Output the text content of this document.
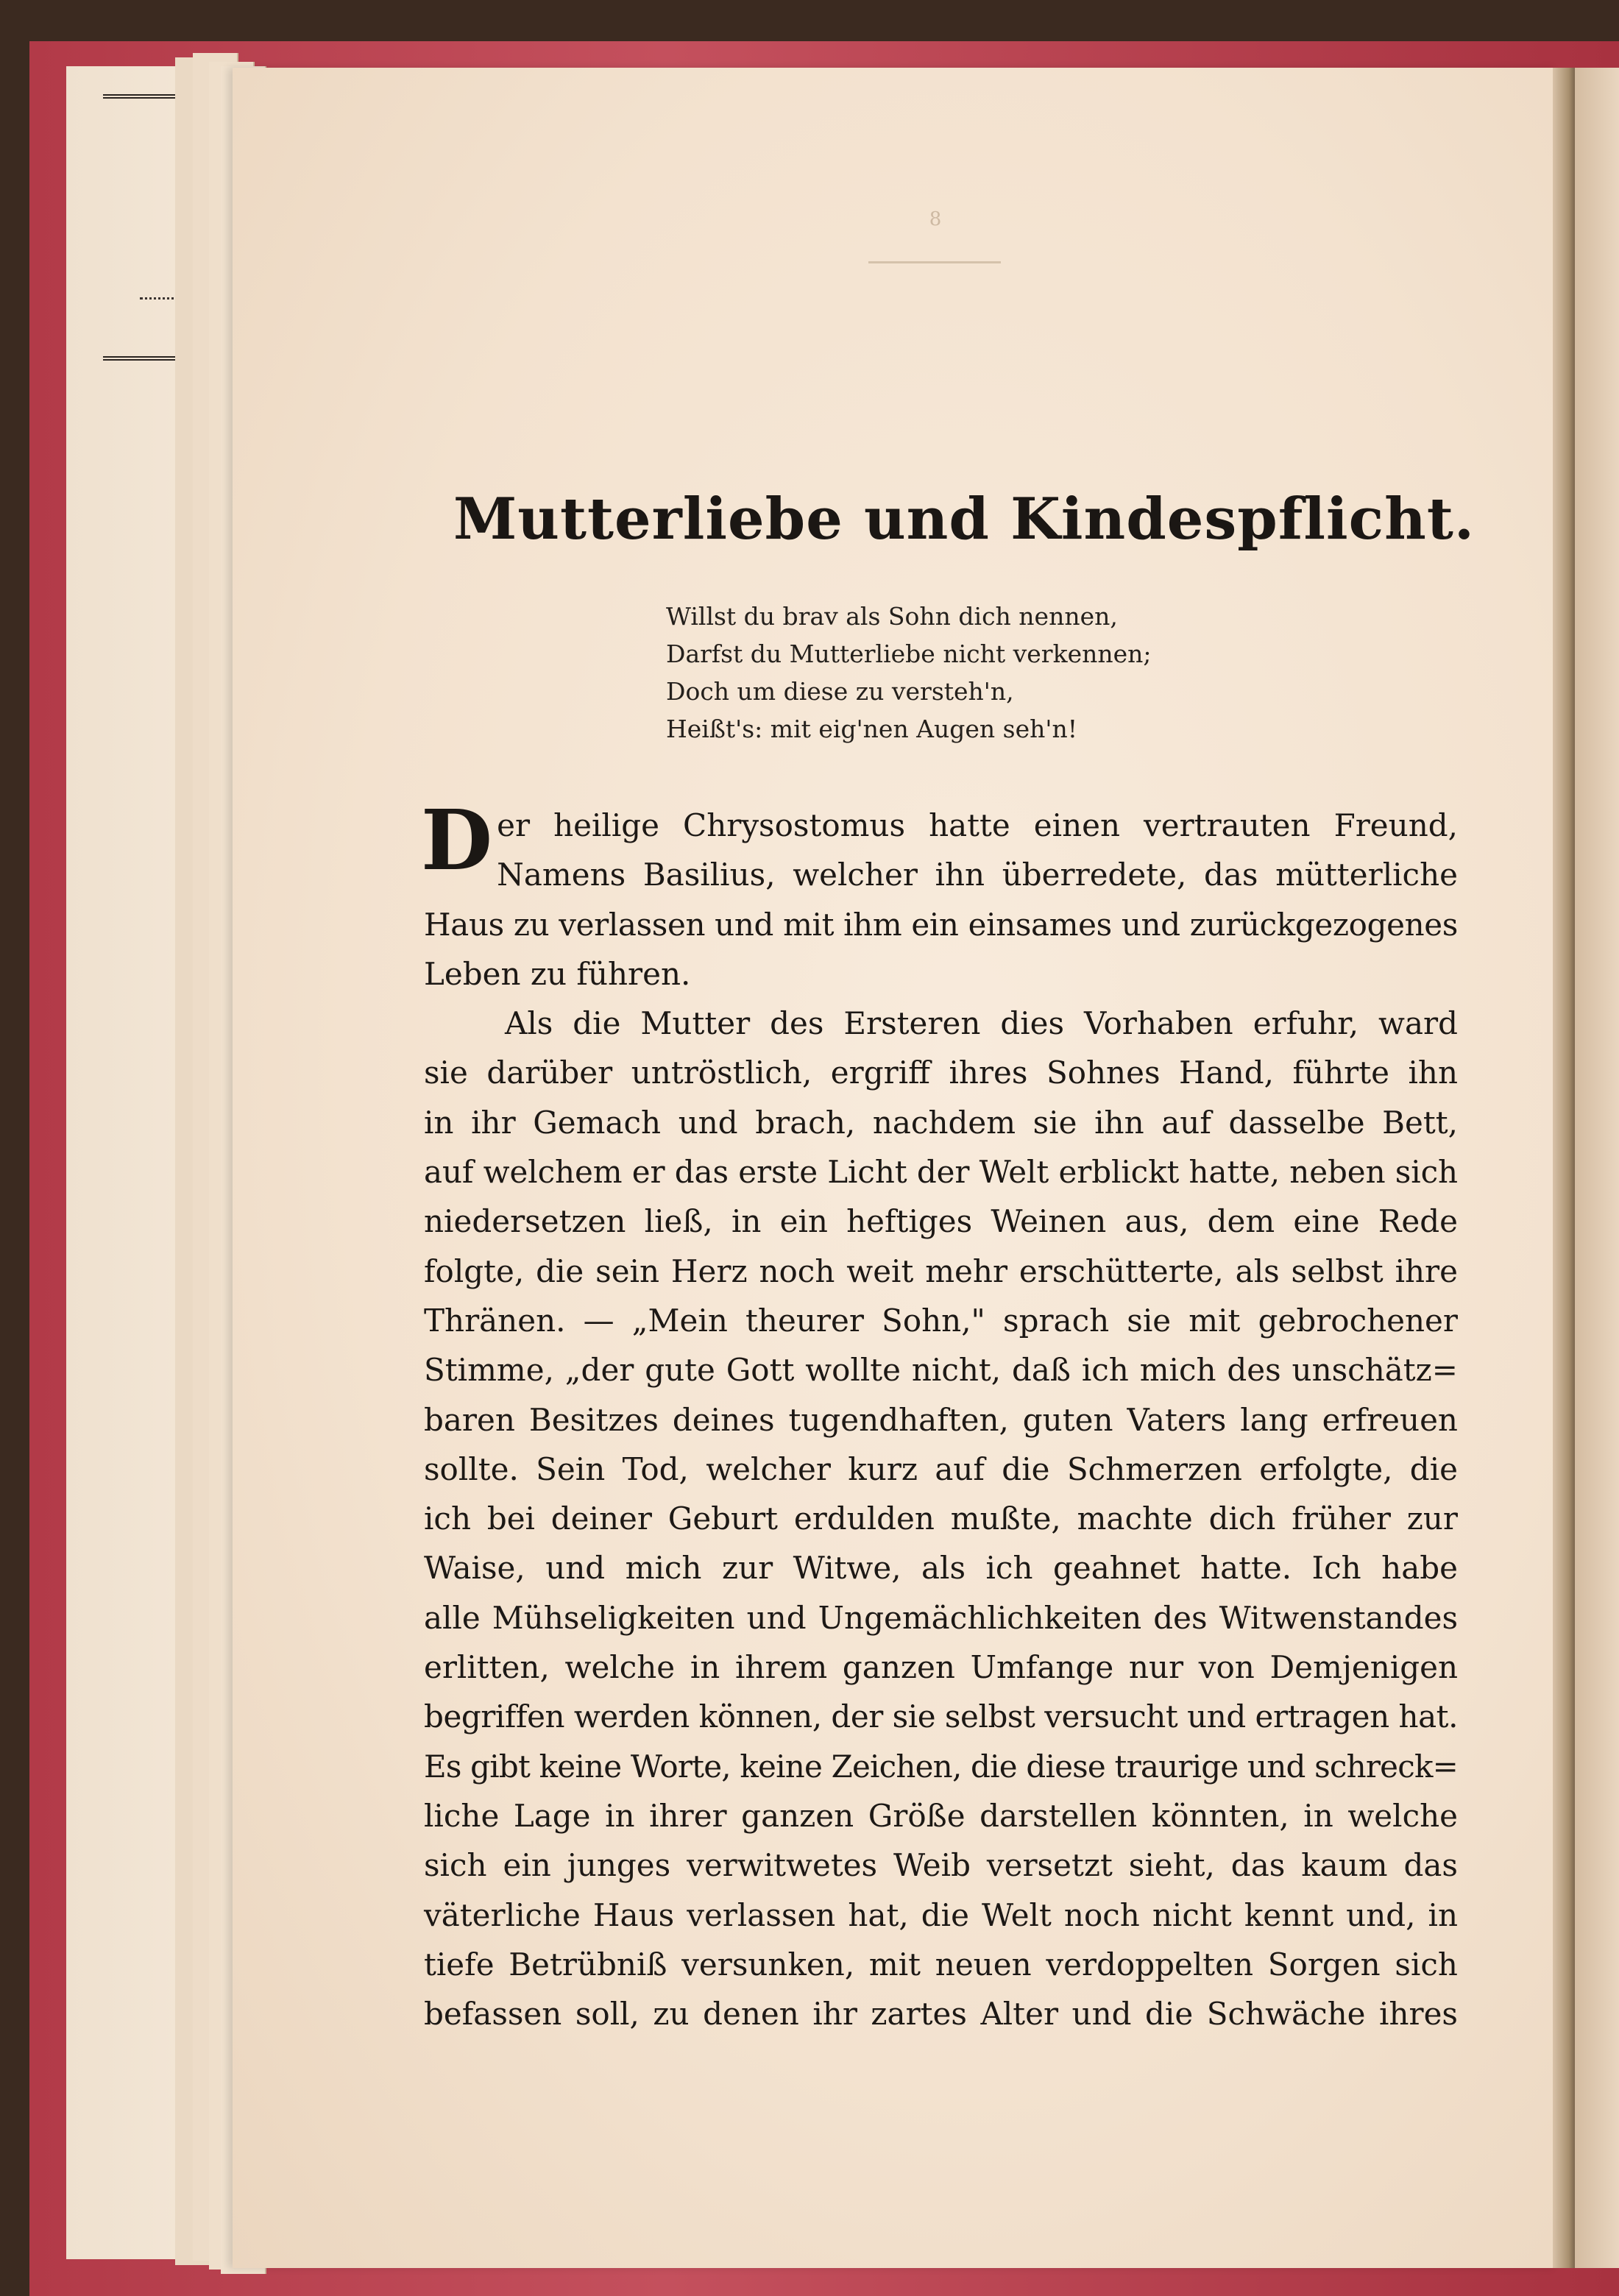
8
Mutterliebe und Kindespflicht.
Willst du brav als Sohn dich nennen,
Darfst du Mutterliebe nicht verkennen;
Doch um diese zu versteh'n,
Heißt's: mit eig'nen Augen seh'n!
D er heilige Chrysostomus hatte einen vertrauten Freund,
Namens Basilius, welcher ihn überredete, das mütterliche
Haus zu verlassen und mit ihm ein einsames und zurückgezogenes
Leben zu führen.
Als die Mutter des Ersteren dies Vorhaben erfuhr, ward
sie darüber untröstlich, ergriff ihres Sohnes Hand, führte ihn
in ihr Gemach und brach, nachdem sie ihn auf dasselbe Bett,
auf welchem er das erste Licht der Welt erblickt hatte, neben sich
niedersetzen ließ, in ein heftiges Weinen aus, dem eine Rede
folgte, die sein Herz noch weit mehr erschütterte, als selbst ihre
Thränen. — „Mein theurer Sohn," sprach sie mit gebrochener
Stimme, „der gute Gott wollte nicht, daß ich mich des unschätz=
baren Besitzes deines tugendhaften, guten Vaters lang erfreuen
sollte. Sein Tod, welcher kurz auf die Schmerzen erfolgte, die
ich bei deiner Geburt erdulden mußte, machte dich früher zur
Waise, und mich zur Witwe, als ich geahnet hatte. Ich habe
alle Mühseligkeiten und Ungemächlichkeiten des Witwenstandes
erlitten, welche in ihrem ganzen Umfange nur von Demjenigen
begriffen werden können, der sie selbst versucht und ertragen hat.
Es gibt keine Worte, keine Zeichen, die diese traurige und schreck=
liche Lage in ihrer ganzen Größe darstellen könnten, in welche
sich ein junges verwitwetes Weib versetzt sieht, das kaum das
väterliche Haus verlassen hat, die Welt noch nicht kennt und, in
tiefe Betrübniß versunken, mit neuen verdoppelten Sorgen sich
befassen soll, zu denen ihr zartes Alter und die Schwäche ihres
